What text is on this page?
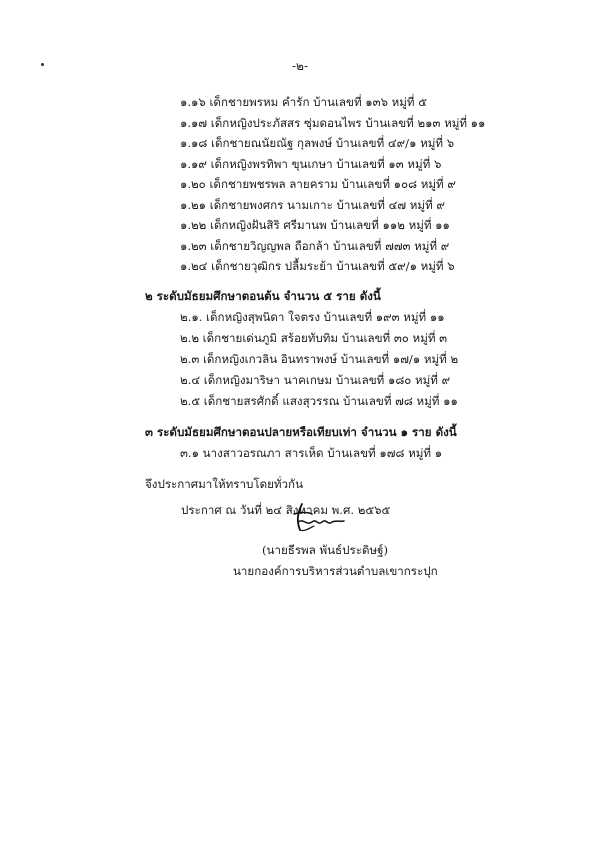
-๒-
๑.๑๖ เด็กชายพรหม คำรัก บ้านเลขที่ ๑๓๖ หมู่ที่ ๕
๑.๑๗ เด็กหญิงประภัสสร ซุ่มดอนไพร บ้านเลขที่ ๒๑๓ หมู่ที่ ๑๑
๑.๑๘ เด็กชายณนัยณัฐ กุลพงษ์ บ้านเลขที่ ๔๙/๑ หมู่ที่ ๖
๑.๑๙ เด็กหญิงพรทิพา ขุนเกษา บ้านเลขที่ ๑๓ หมู่ที่ ๖
๑.๒๐ เด็กชายพชรพล ลายคราม บ้านเลขที่ ๑๐๘ หมู่ที่ ๙
๑.๒๑ เด็กชายพงศกร นามเกาะ บ้านเลขที่ ๔๗ หมู่ที่ ๙
๑.๒๒ เด็กหญิงฝันสิริ ศรีมานพ บ้านเลขที่ ๑๑๒ หมู่ที่ ๑๑
๑.๒๓ เด็กชายวิญญพล ถือกล้า บ้านเลขที่ ๗๗๓ หมู่ที่ ๙
๑.๒๔ เด็กชายวุฒิกร ปลื้มระย้า บ้านเลขที่ ๕๙/๑ หมู่ที่ ๖
๒ ระดับมัธยมศึกษาตอนต้น จำนวน ๕ ราย ดังนี้
๒.๑. เด็กหญิงสุพนิดา ใจตรง บ้านเลขที่ ๑๙๓ หมู่ที่ ๑๑
๒.๒ เด็กชายเด่นภูมิ สร้อยทับทิม บ้านเลขที่ ๓๐ หมู่ที่ ๓
๒.๓ เด็กหญิงเกวลิน อินทราพงษ์ บ้านเลขที่ ๑๗/๑ หมู่ที่ ๒
๒.๔ เด็กหญิงมาริษา นาคเกษม บ้านเลขที่ ๑๘๐ หมู่ที่ ๙
๒.๕ เด็กชายสรศักดิ์ แสงสุวรรณ บ้านเลขที่ ๗๘ หมู่ที่ ๑๑
๓ ระดับมัธยมศึกษาตอนปลายหรือเทียบเท่า จำนวน ๑ ราย ดังนี้
๓.๑ นางสาวอรณภา สารเห็ด บ้านเลขที่ ๑๗๘ หมู่ที่ ๑
จึงประกาศมาให้ทราบโดยทั่วกัน
ประกาศ ณ วันที่ ๒๔ สิงหาคม พ.ศ. ๒๕๖๕
(นายธีรพล พันธ์ประดิษฐ์)
นายกองค์การบริหารส่วนตำบลเขากระปุก
